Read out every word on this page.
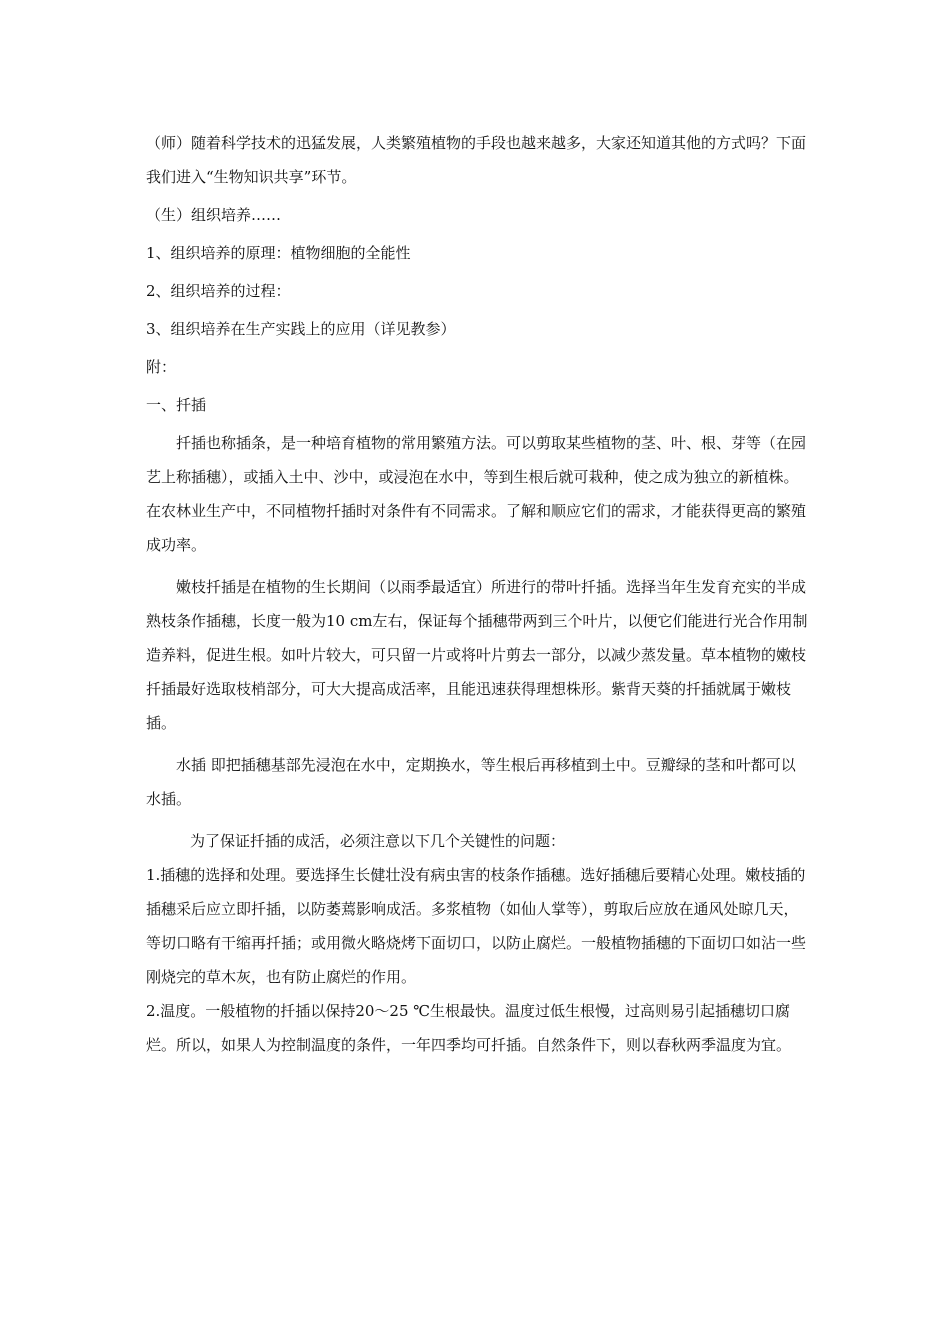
（师）随着科学技术的迅猛发展，人类繁殖植物的手段也越来越多，大家还知道其他的方式吗？下面我们进入“生物知识共享”环节。

（生）组织培养……

1、组织培养的原理：植物细胞的全能性

2、组织培养的过程：

3、组织培养在生产实践上的应用（详见教参）

附：

一、扦插

扦插也称插条，是一种培育植物的常用繁殖方法。可以剪取某些植物的茎、叶、根、芽等（在园艺上称插穗），或插入土中、沙中，或浸泡在水中，等到生根后就可栽种，使之成为独立的新植株。在农林业生产中，不同植物扦插时对条件有不同需求。了解和顺应它们的需求，才能获得更高的繁殖成功率。

嫩枝扦插是在植物的生长期间（以雨季最适宜）所进行的带叶扦插。选择当年生发育充实的半成熟枝条作插穗，长度一般为10 cm左右，保证每个插穗带两到三个叶片，以便它们能进行光合作用制造养料，促进生根。如叶片较大，可只留一片或将叶片剪去一部分，以减少蒸发量。草本植物的嫩枝扦插最好选取枝梢部分，可大大提高成活率，且能迅速获得理想株形。紫背天葵的扦插就属于嫩枝插。

水插 即把插穗基部先浸泡在水中，定期换水，等生根后再移植到土中。豆瓣绿的茎和叶都可以水插。

为了保证扦插的成活，必须注意以下几个关键性的问题：

1.插穗的选择和处理。要选择生长健壮没有病虫害的枝条作插穗。选好插穗后要精心处理。嫩枝插的插穗采后应立即扦插，以防萎蔫影响成活。多浆植物（如仙人掌等），剪取后应放在通风处晾几天，等切口略有干缩再扦插；或用微火略烧烤下面切口，以防止腐烂。一般植物插穗的下面切口如沾一些刚烧完的草木灰，也有防止腐烂的作用。

2.温度。一般植物的扦插以保持20～25 ℃生根最快。温度过低生根慢，过高则易引起插穗切口腐烂。所以，如果人为控制温度的条件，一年四季均可扦插。自然条件下，则以春秋两季温度为宜。
